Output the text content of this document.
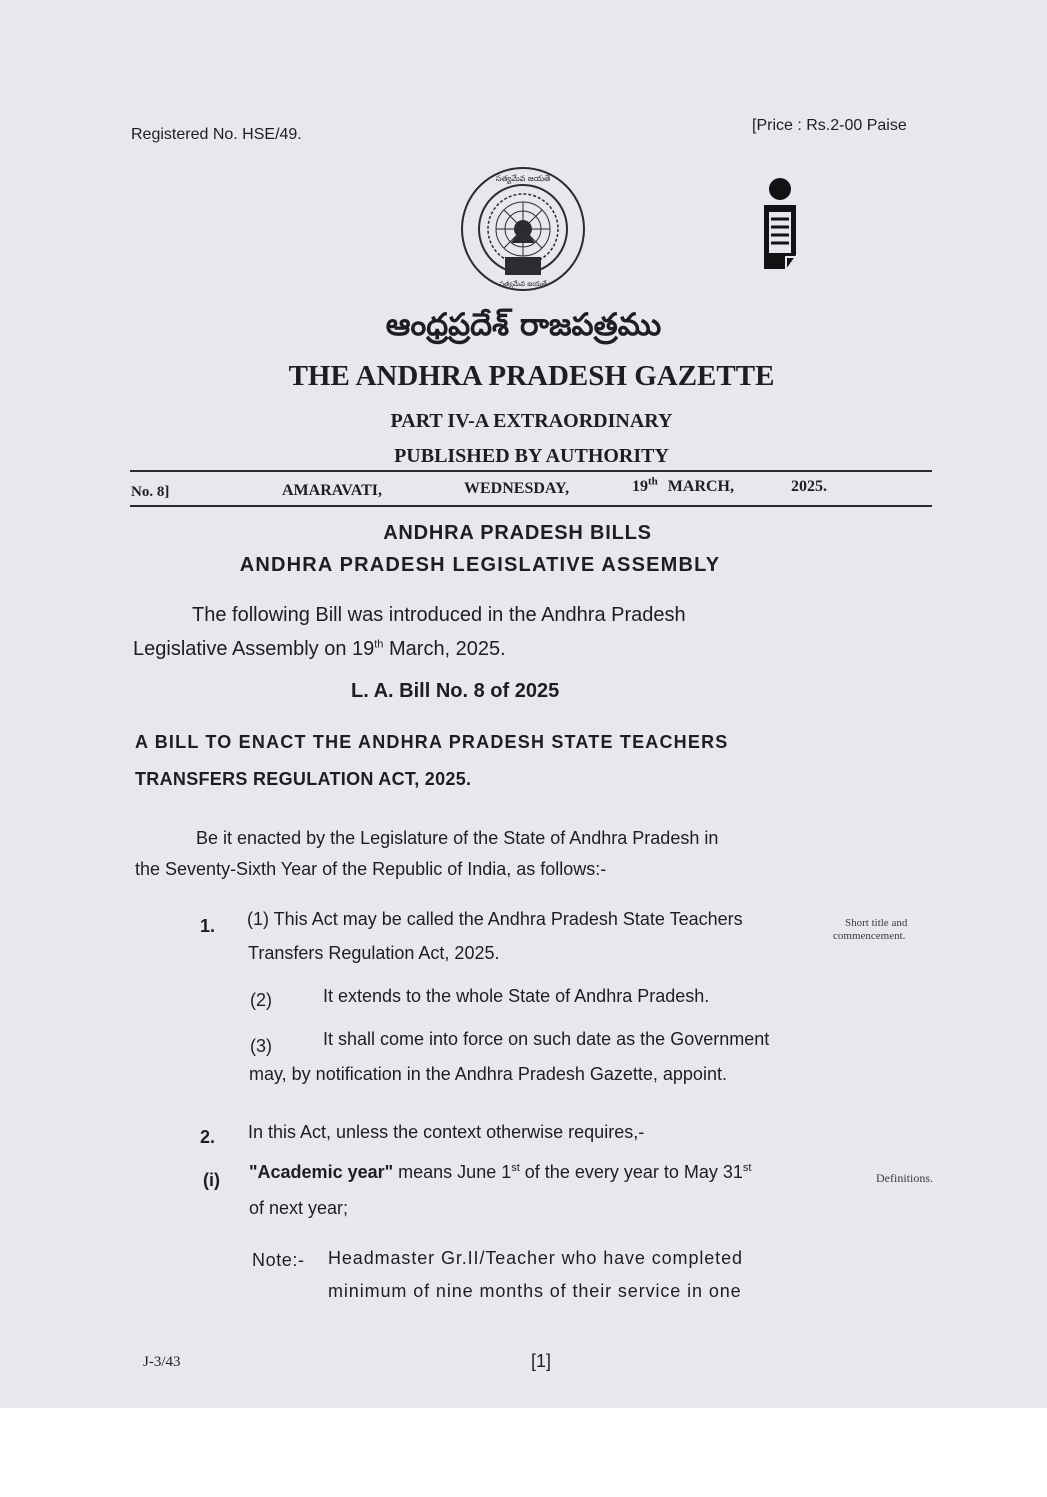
Registered No. HSE/49.
[Price : Rs.2-00 Paise
సత్యమేవ జయతే
సత్యమేవ జయతే
ఆంధ్రప్రదేశ్ రాజపత్రము
THE ANDHRA PRADESH GAZETTE
PART IV-A EXTRAORDINARY
PUBLISHED BY AUTHORITY
No. 8]	AMARAVATI,	WEDNESDAY,	19th MARCH,	2025.
ANDHRA PRADESH BILLS
ANDHRA PRADESH LEGISLATIVE ASSEMBLY
The following Bill was introduced in the Andhra Pradesh
Legislative Assembly on 19th March, 2025.
L. A. Bill No. 8 of 2025
A BILL TO ENACT THE ANDHRA PRADESH STATE TEACHERS
TRANSFERS REGULATION ACT, 2025.
Be it enacted by the Legislature of the State of Andhra Pradesh in
the Seventy-Sixth Year of the Republic of India, as follows:-
1. (1) This Act may be called the Andhra Pradesh State Teachers
Transfers Regulation Act, 2025.
Short title and
commencement.
(2)	It extends to the whole State of Andhra Pradesh.
(3)	It shall come into force on such date as the Government
may, by notification in the Andhra Pradesh Gazette, appoint.
2. In this Act, unless the context otherwise requires,-
(i) "Academic year" means June 1st of the every year to May 31st
of next year;
Definitions.
Note:- Headmaster Gr.II/Teacher who have completed
minimum of nine months of their service in one
J-3/43	[1]
